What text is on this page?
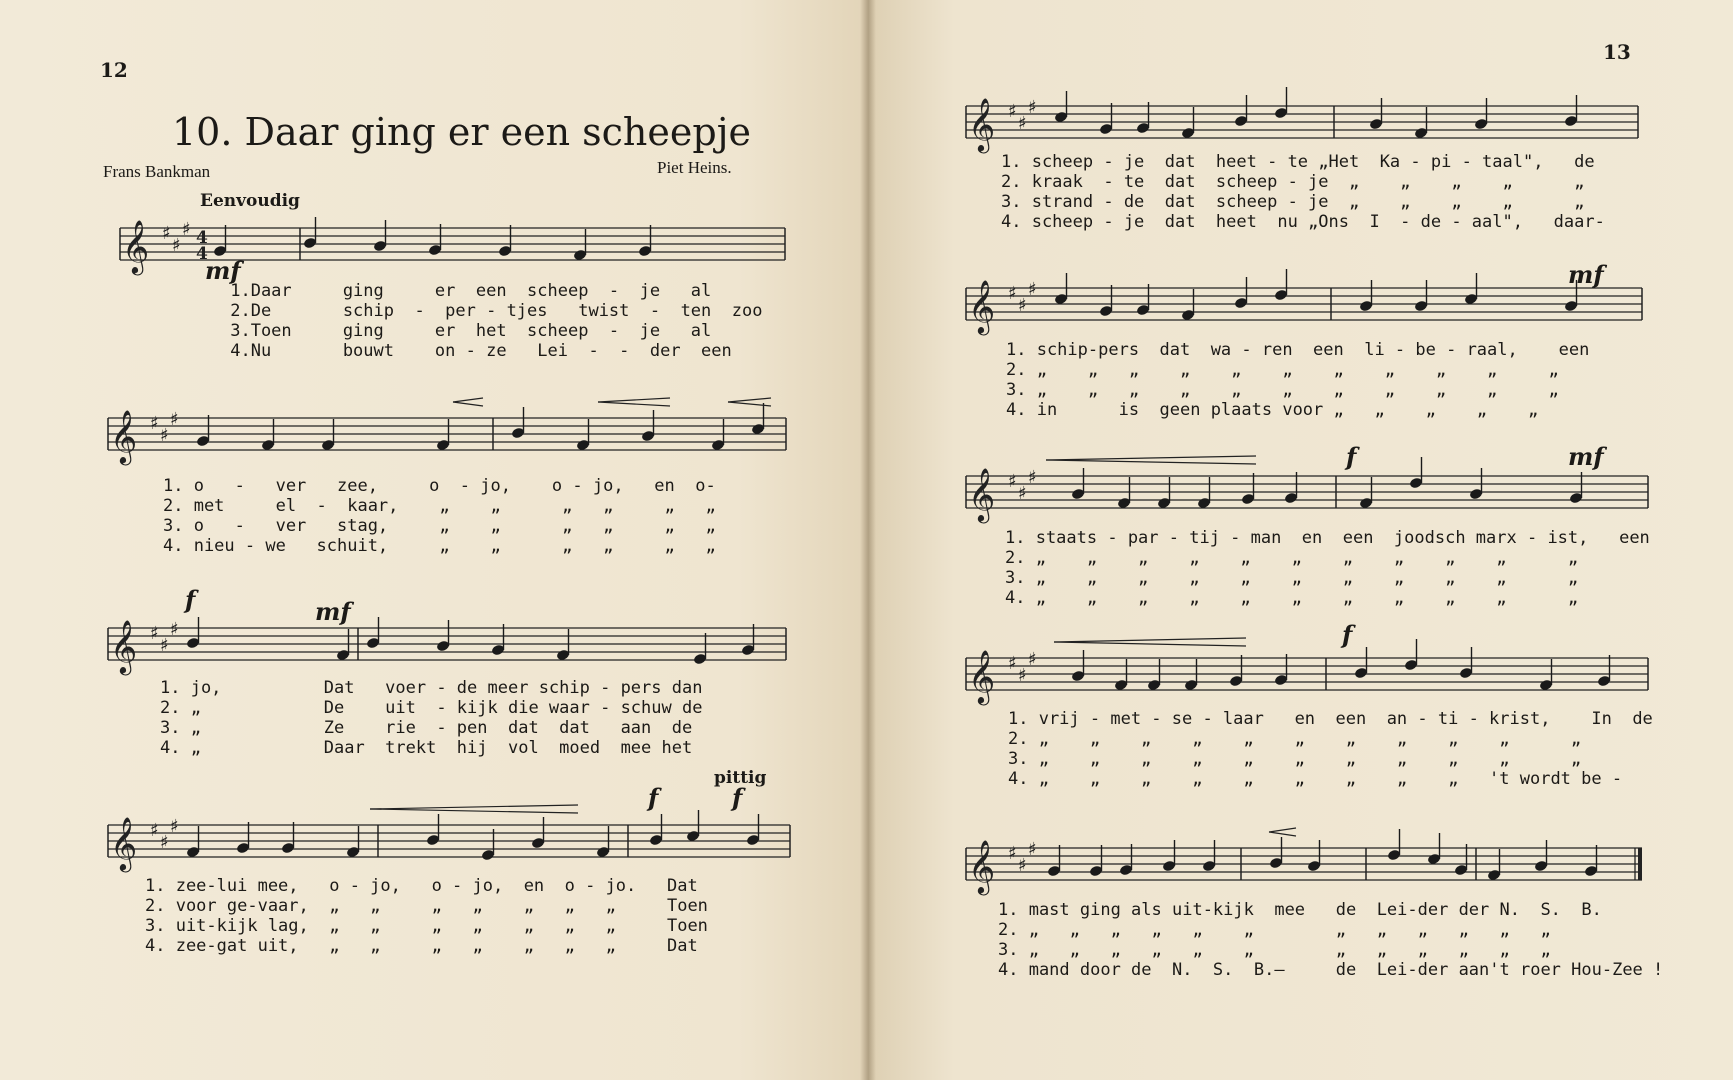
12
10. Daar ging er een scheepje
Frans Bankman	Piet Heins.
Eenvoudig
mf
f	mf
pittig
f	f
𝄞 ♯
♯
♯ 4
4
1.Daar     ging     er  een  scheep  -  je   al
2.De       schip  -  per - tjes   twist  -  ten  zoo
3.Toen     ging     er  het  scheep  -  je   al
4.Nu       bouwt    on - ze   Lei  -  -  der  een
𝄞 ♯
♯
♯
1. o   -   ver   zee,     o  - jo,    o - jo,   en  o-
2. met     el  -  kaar,    „    „      „   „     „   „
3. o   -   ver   stag,     „    „      „   „     „   „
4. nieu - we   schuit,     „    „      „   „     „   „
𝄞 ♯
♯
♯
1. jo,          Dat   voer - de meer schip - pers dan
2. „            De    uit  - kijk die waar - schuw de
3. „            Ze    rie  - pen  dat  dat   aan  de
4. „            Daar  trekt  hij  vol  moed  mee het
𝄞 ♯
♯
♯
1. zee-lui mee,   o - jo,   o - jo,  en  o - jo.   Dat
2. voor ge-vaar,  „   „     „   „    „   „   „     Toen
3. uit-kijk lag,  „   „     „   „    „   „   „     Toen
4. zee-gat uit,   „   „     „   „    „   „   „     Dat
13
𝄞 ♯
♯
♯
1. scheep - je  dat  heet - te „Het  Ka - pi - taal",   de
2. kraak  - te  dat  scheep - je  „    „    „    „      „
3. strand - de  dat  scheep - je  „    „    „    „      „
4. scheep - je  dat  heet  nu „Ons  I  - de - aal",   daar-
mf
𝄞 ♯
♯
♯
1. schip-pers  dat  wa - ren  een  li - be - raal,    een
2. „    „   „    „    „    „    „    „    „    „     „
3. „    „   „    „    „    „    „    „    „    „     „
4. in      is  geen plaats voor „   „    „    „    „
f	mf
𝄞 ♯
♯
♯
1. staats - par - tij - man  en  een  joodsch marx - ist,   een
2. „    „    „    „    „    „    „    „    „    „      „
3. „    „    „    „    „    „    „    „    „    „      „
4. „    „    „    „    „    „    „    „    „    „      „
f
𝄞 ♯
♯
♯
1. vrij - met - se - laar   en  een  an - ti - krist,    In  de
2. „    „    „    „    „    „    „    „    „    „      „
3. „    „    „    „    „    „    „    „    „    „      „
4. „    „    „    „    „    „    „    „    „   't wordt be -
𝄞 ♯
♯
♯
1. mast ging als uit-kijk  mee   de  Lei-der der N.  S.  B.
2. „   „   „   „   „    „        „   „   „   „   „   „
3. „   „   „   „   „    „        „   „   „   „   „   „
4. mand door de  N.  S.  B.—     de  Lei-der aan't roer Hou-Zee !
